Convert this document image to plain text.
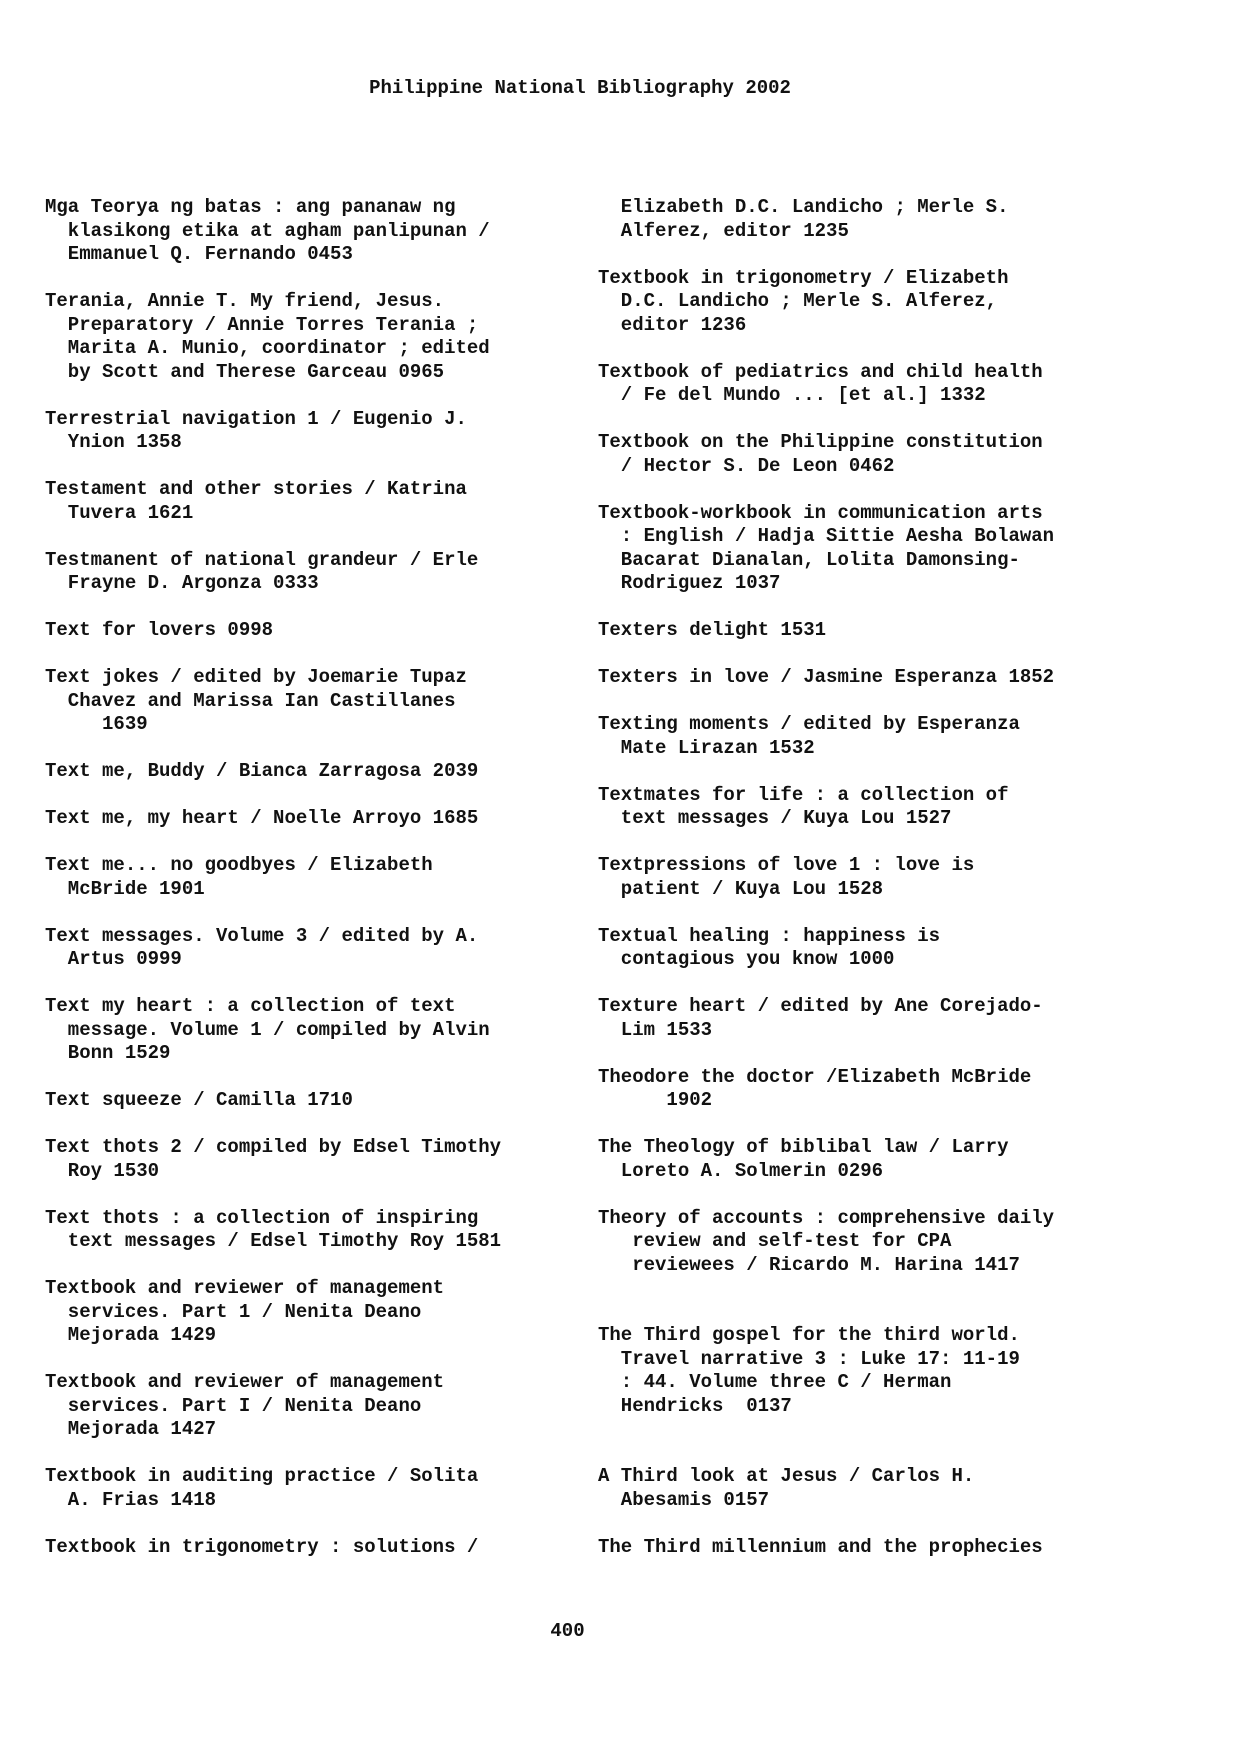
Philippine National Bibliography 2002
Mga Teorya ng batas : ang pananaw ng
klasikong etika at agham panlipunan /
Emmanuel Q. Fernando 0453
Terania, Annie T. My friend, Jesus.
Preparatory / Annie Torres Terania ;
Marita A. Munio, coordinator ; edited
by Scott and Therese Garceau 0965
Terrestrial navigation 1 / Eugenio J.
Ynion 1358
Testament and other stories / Katrina
Tuvera 1621
Testmanent of national grandeur / Erle
Frayne D. Argonza 0333
Text for lovers 0998
Text jokes / edited by Joemarie Tupaz
Chavez and Marissa Ian Castillanes
1639
Text me, Buddy / Bianca Zarragosa 2039
Text me, my heart / Noelle Arroyo 1685
Text me... no goodbyes / Elizabeth
McBride 1901
Text messages. Volume 3 / edited by A.
Artus 0999
Text my heart : a collection of text
message. Volume 1 / compiled by Alvin
Bonn 1529
Text squeeze / Camilla 1710
Text thots 2 / compiled by Edsel Timothy
Roy 1530
Text thots : a collection of inspiring
text messages / Edsel Timothy Roy 1581
Textbook and reviewer of management
services. Part 1 / Nenita Deano
Mejorada 1429
Textbook and reviewer of management
services. Part I / Nenita Deano
Mejorada 1427
Textbook in auditing practice / Solita
A. Frias 1418
Textbook in trigonometry : solutions /
Elizabeth D.C. Landicho ; Merle S.
Alferez, editor 1235
Textbook in trigonometry / Elizabeth
D.C. Landicho ; Merle S. Alferez,
editor 1236
Textbook of pediatrics and child health
/ Fe del Mundo ... [et al.] 1332
Textbook on the Philippine constitution
/ Hector S. De Leon 0462
Textbook-workbook in communication arts
: English / Hadja Sittie Aesha Bolawan
Bacarat Dianalan, Lolita Damonsing-
Rodriguez 1037
Texters delight 1531
Texters in love / Jasmine Esperanza 1852
Texting moments / edited by Esperanza
Mate Lirazan 1532
Textmates for life : a collection of
text messages / Kuya Lou 1527
Textpressions of love 1 : love is
patient / Kuya Lou 1528
Textual healing : happiness is
contagious you know 1000
Texture heart / edited by Ane Corejado-
Lim 1533
Theodore the doctor /Elizabeth McBride
1902
The Theology of biblibal law / Larry
Loreto A. Solmerin 0296
Theory of accounts : comprehensive daily
review and self-test for CPA
reviewees / Ricardo M. Harina 1417
The Third gospel for the third world.
Travel narrative 3 : Luke 17: 11-19
: 44. Volume three C / Herman
Hendricks  0137
A Third look at Jesus / Carlos H.
Abesamis 0157
The Third millennium and the prophecies
400
